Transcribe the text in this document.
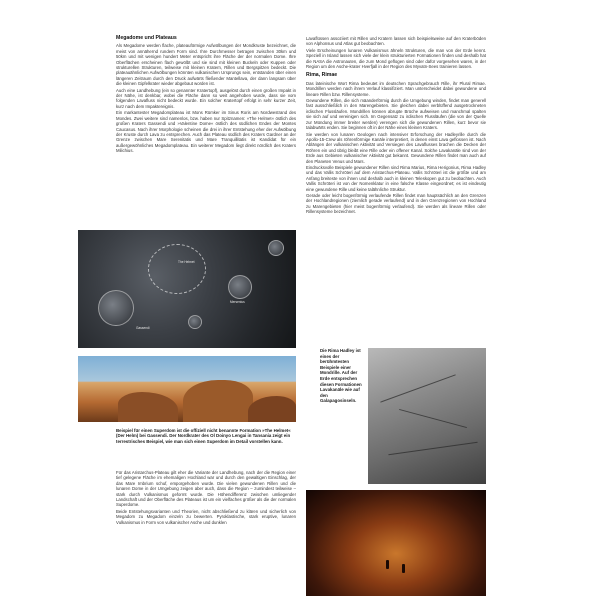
Megadome und Plateaus

Als Megadome werden flache, plateauförmige Aufwölbungen der Mondkruste bezeichnet, die meist von annähernd rundem Form sind. Ihre Durchmesser betragen zwischen 30km und 50km und mit wenigen hundert Meter entspricht ihre Fläche der der normalen Dome. Ihre Oberflächen erscheinen flach gewölbt und sie sind mit kleinen Buckeln oder Kuppen oder strukturellen Strukturen, teilweise mit kleinen Kratern, Rillen und Bergspitzen bedeckt. Die plateauähnlichen Aufwölbungen könnten vulkanischen Ursprungs sein, entstanden über einen längeren Zeitraum durch den Druck aufwärts fließender Mantellava, der dann langsam über die kleinen Gipfelkrater wieder abgebaut worden ist.

Auch eine Landhebung (ein so genannter Kratertopf), ausgelöst durch einen großen Impakt in der Nähe, ist denkbar, wobei die Fläche dann so weit angehoben wurde, dass sie vom folgenden Lavafluss nicht bedeckt wurde. Ein solcher Kratertopf erfolgt in sehr kurzer Zeit, kurz nach dem Impaktereignis.

Ein markantester Megadomplateau ist Mons Rümker im Sinus Roris am Nordwestrand des Mondes. Zwei weitere sind namenlos, bzw. haben nur Spitznamen: »The Helmet« östlich des großen Kraters Gassendi und »Valentine Dome« östlich des südlichen Endes der Montes Caucasus. Nach ihrer Morphologie scheinen die drei in ihrer Entstehung eher der Aufwölbung der Kruste durch Lava zu entsprechen. Auch das Plateau südlich des Kraters Gardner an der Grenze zwischen Mare Serenitatis und Mare Tranquillitatis ist Kandidat für ein außergewöhnliches Megadomplateau. Ein weiterer Megadom liegt direkt nördlich des Kraters Milichius.

Lavaflüssen assoziiert mit Rillen und Kratern lassen sich beispielsweise auf den Kraterböden von Alphonsus und Atlas gut beobachten.

Viele Erscheinungen lunaren Vulkanismus ähneln Strukturen, die man von der Erde kennt. Speziell in Island lassen sich viele der klein strukturierten Formationen finden und deshalb hat die NASA die Astronauten, die zum Mond geflogen sind oder dafür vorgesehen waren, in der Region um den Asche-krater Hverfjall in der Region des Myvatn-Sees trainieren lassen.

Rima, Rimae

Das lateinische Wort Rima bedeutet im deutschen Sprachgebrauch Rille, ihr Plural Rimae. Mondrillen werden nach ihrem Verlauf klassifiziert. Man unterscheidet dabei gewundene und lineare Rillen bzw. Rillensysteme.

Gewundene Rillen, die sich mäanderförmig durch die Umgebung winden, findet man generell fast ausschließlich in den Marengebieten. Sie gleichen dabei verblüffend ausgetrockneten irdischen Flussläufen. Mondrillen können abrupte Brüche aufweisen und manchmal spalten sie sich auf und vereinigen sich. Im Gegensatz zu irdischen Flussläufen (die von der Quelle zur Mündung immer breiter werden) verengen sich die gewundenen Rillen, kurz bevor sie talabwärts enden. Sie beginnen oft in der Nähe eines kleinen Kraters.

Sie werden von lunaren Geologen nach intensiver Erforschung der Hadleyrille durch die Apollo-15-Crew als röhrenförmige Kanäle interpretiert, in denen einst Lava geflossen ist. Nach Ablängen der vulkanischen Aktivität und Versiegen des Lavaflusses brachen die Decken der Röhren ein und übrig bleibt eine Rille oder ein offener Kanal. Solche Lavakanäle sind von der Erde aus Gebieten vulkanischer Aktivität gut bekannt. Gewundene Rillen findet man auch auf den Planeten Venus und Mars.

Eindrucksvolle Beispiele gewundener Rillen sind Rima Marius, Rima Herigonius, Rima Hadley und das Vallis Schröteri auf dem Aristarchus-Plateau. Vallis Schröteri ist die größte und am Anfang breiteste von ihnen und deshalb auch in kleinen Teleskopen gut zu beobachten. Auch Vallis Schröteri ist von der Nomenklatur in eine falsche Klasse eingeordnet; es ist eindeutig eine gewundene Rille und keine talähnliche Struktur.

Gerade oder leicht bogenförmig verlaufende Rillen findet man hauptsächlich an den Grenzen der Hochlandregionen (ziemlich gerade verlaufend) und in den Grenzregionen von Hochland zu Marengebieten (hier meist bogenförmig verlaufend). Sie werden als lineare Rillen oder Rillensysteme bezeichnet.

Gassendi
The Helmet
Mersenius
Beispiel für einen Superdom ist die offiziell nicht benannte Formation »The Helmet« (Der Helm) bei Gassendi. Der Nordkrater des Ol Doinyo Lengai in Tansania zeigt ein terrestrisches Beispiel, wie man sich einen Superdom im Detail vorstellen kann.

Für das Aristarchus-Plateau gilt eher die Variante der Landhebung, nach der die Region einer tief gelegene Fläche im ehemaligen Hochland war und durch den gewaltigen Einschlag, der das Mare Imbrium schuf, emporgehoben wurde. Die vielen gewundenen Rillen und die lunaren Dome in der Umgebung zeigen aber auch, dass die Region – zumindest teilweise – stark durch Vulkanismus geformt wurde. Die Höhendifferenz zwischen umliegender Landschaft und der Oberfläche des Plateaus ist um ein vielfaches größer als die der normalen Superdome.

Beide Entstehungsvarianten und Theorien, nicht abschließend zu klären und sicherlich von Megadom zu Megadom einzeln zu bewerten. Pyroklastische, stark eruptive, lunaren Vulkanismus in Form von vulkanischer Asche und dunklen

Die Rima Hadley ist eines der berühmtesten Beispiele einer Mondrille. Auf der Erde entsprechen diesen Formationen Lavakanäle wie auf den Galapagosinseln.
